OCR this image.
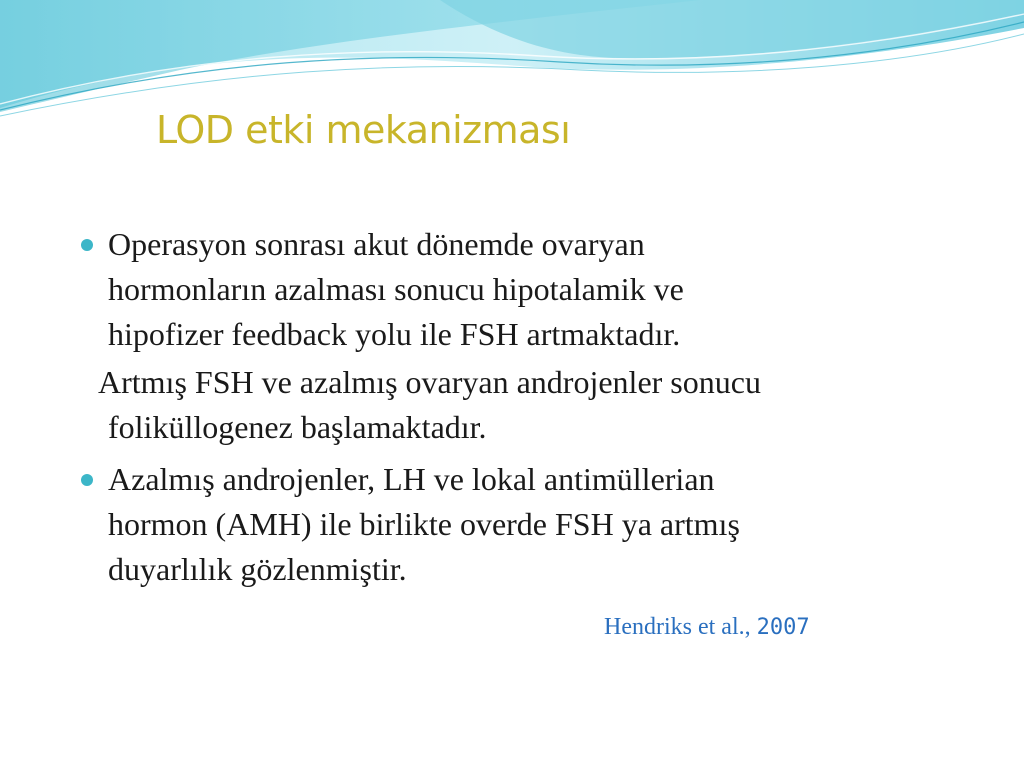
LOD etki mekanizması
Operasyon sonrası akut dönemde ovaryan
hormonların azalması sonucu hipotalamik ve
hipofizer feedback yolu ile FSH artmaktadır.
Artmış FSH ve azalmış ovaryan androjenler sonucu
foliküllogenez başlamaktadır.
Azalmış androjenler, LH ve lokal antimüllerian
hormon (AMH) ile birlikte overde FSH ya artmış
duyarlılık gözlenmiştir.
Hendriks et al., 2007
